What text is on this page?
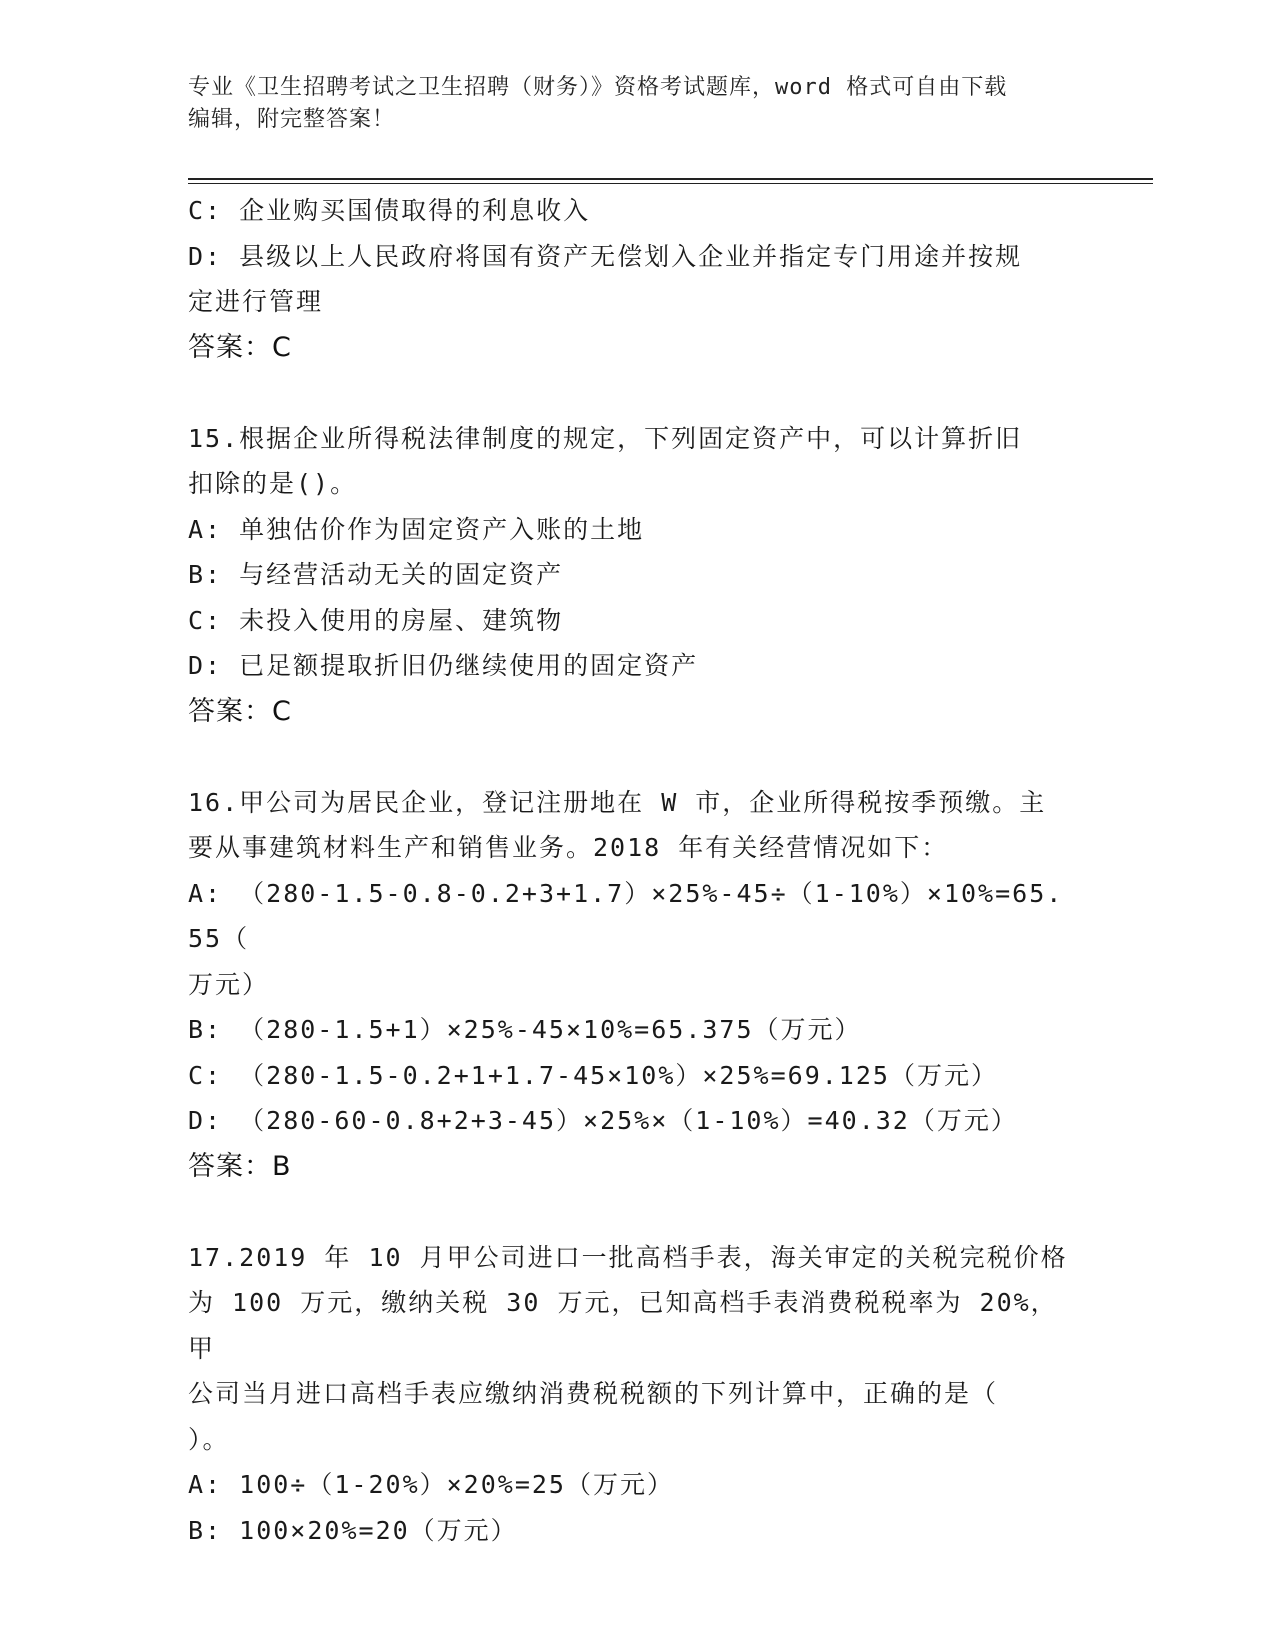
专业《卫生招聘考试之卫生招聘（财务）》资格考试题库，word 格式可自由下载
编辑，附完整答案！
C: 企业购买国债取得的利息收入
D: 县级以上人民政府将国有资产无偿划入企业并指定专门用途并按规
定进行管理
答案：C
15.根据企业所得税法律制度的规定，下列固定资产中，可以计算折旧
扣除的是()。
A: 单独估价作为固定资产入账的土地
B: 与经营活动无关的固定资产
C: 未投入使用的房屋、建筑物
D: 已足额提取折旧仍继续使用的固定资产
答案：C
16.甲公司为居民企业，登记注册地在 W 市，企业所得税按季预缴。主
要从事建筑材料生产和销售业务。2018 年有关经营情况如下：
A: （280-1.5-0.8-0.2+3+1.7）×25%-45÷（1-10%）×10%=65.55（
万元）
B: （280-1.5+1）×25%-45×10%=65.375（万元）
C: （280-1.5-0.2+1+1.7-45×10%）×25%=69.125（万元）
D: （280-60-0.8+2+3-45）×25%×（1-10%）=40.32（万元）
答案：B
17.2019 年 10 月甲公司进口一批高档手表，海关审定的关税完税价格
为 100 万元，缴纳关税 30 万元，已知高档手表消费税税率为 20%，甲
公司当月进口高档手表应缴纳消费税税额的下列计算中，正确的是（
）。
A: 100÷（1-20%）×20%=25（万元）
B: 100×20%=20（万元）
